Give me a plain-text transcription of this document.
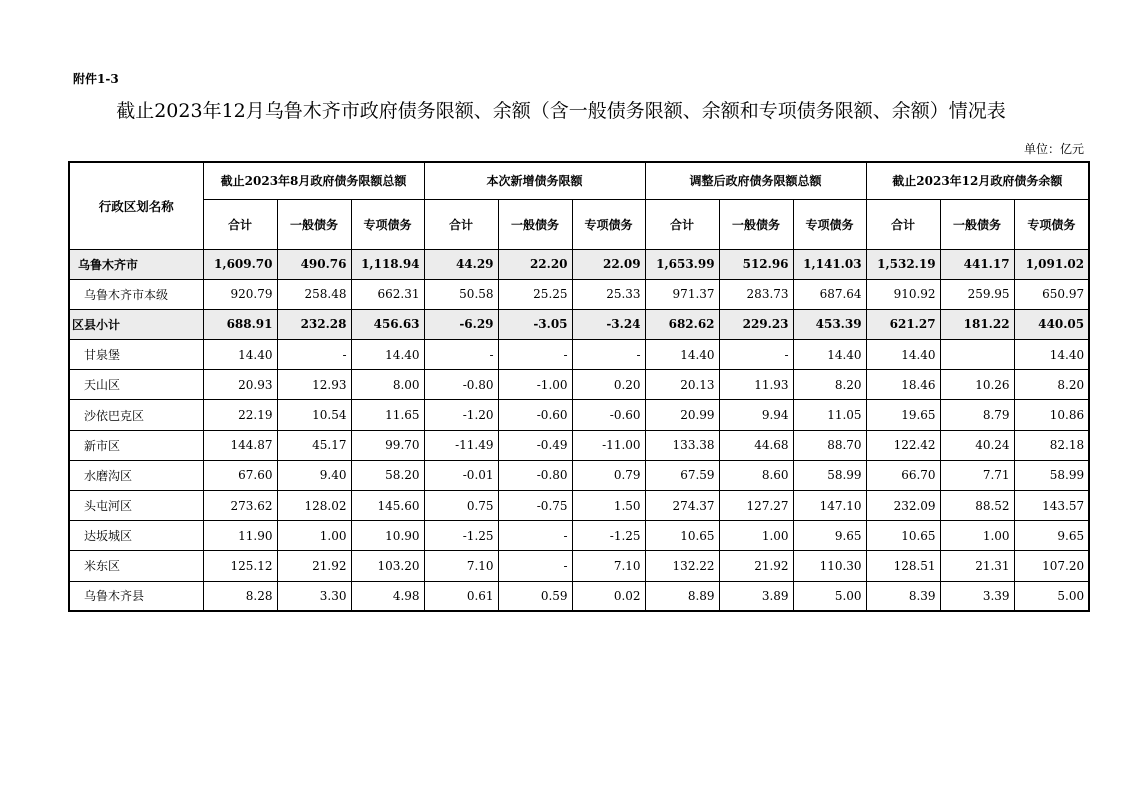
附件1-3
截止2023年12月乌鲁木齐市政府债务限额、余额（含一般债务限额、余额和专项债务限额、余额）情况表
单位：亿元
行政区划名称	截止2023年8月政府债务限额总额			本次新增债务限额			调整后政府债务限额总额			截止2023年12月政府债务余额		
	合计	一般债务	专项债务	合计	一般债务	专项债务	合计	一般债务	专项债务	合计	一般债务	专项债务
乌鲁木齐市	1,609.70	490.76	1,118.94	44.29	22.20	22.09	1,653.99	512.96	1,141.03	1,532.19	441.17	1,091.02
乌鲁木齐市本级	920.79	258.48	662.31	50.58	25.25	25.33	971.37	283.73	687.64	910.92	259.95	650.97
区县小计	688.91	232.28	456.63	-6.29	-3.05	-3.24	682.62	229.23	453.39	621.27	181.22	440.05
甘泉堡	14.40	-	14.40	-	-	-	14.40	-	14.40	14.40		14.40
天山区	20.93	12.93	8.00	-0.80	-1.00	0.20	20.13	11.93	8.20	18.46	10.26	8.20
沙依巴克区	22.19	10.54	11.65	-1.20	-0.60	-0.60	20.99	9.94	11.05	19.65	8.79	10.86
新市区	144.87	45.17	99.70	-11.49	-0.49	-11.00	133.38	44.68	88.70	122.42	40.24	82.18
水磨沟区	67.60	9.40	58.20	-0.01	-0.80	0.79	67.59	8.60	58.99	66.70	7.71	58.99
头屯河区	273.62	128.02	145.60	0.75	-0.75	1.50	274.37	127.27	147.10	232.09	88.52	143.57
达坂城区	11.90	1.00	10.90	-1.25	-	-1.25	10.65	1.00	9.65	10.65	1.00	9.65
米东区	125.12	21.92	103.20	7.10	-	7.10	132.22	21.92	110.30	128.51	21.31	107.20
乌鲁木齐县	8.28	3.30	4.98	0.61	0.59	0.02	8.89	3.89	5.00	8.39	3.39	5.00
